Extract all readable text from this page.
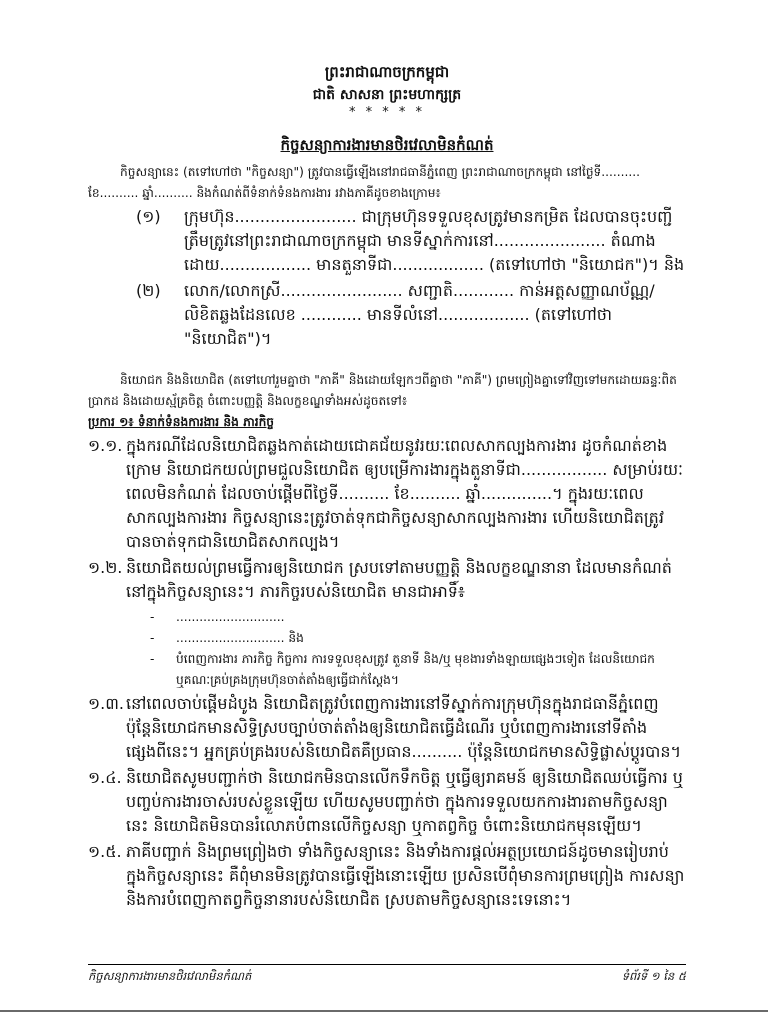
ព្រះរាជាណាចក្រកម្ពុជា
ជាតិ សាសនា ព្រះមហាក្សត្រ
* * * * *
កិច្ចសន្យាការងារមានថិរវេលាមិនកំណត់

កិច្ចសន្យានេះ (តទៅហៅថា "កិច្ចសន្យា") ត្រូវបានធ្វើឡើងនៅរាជធានីភ្នំពេញ ព្រះរាជាណាចក្រកម្ពុជា នៅថ្ងៃទី.......... ខែ.......... ឆ្នាំ.......... និងកំណត់ពីទំនាក់ទំនងការងារ រវាងភាគីដូចខាងក្រោម៖

(១)	ក្រុមហ៊ុន........................ ជាក្រុមហ៊ុនទទួលខុសត្រូវមានកម្រិត ដែលបានចុះបញ្ជីត្រឹមត្រូវនៅព្រះរាជាណាចក្រកម្ពុជា មានទីស្នាក់ការនៅ...................... តំណាងដោយ.................. មានតួនាទីជា.................. (តទៅហៅថា "និយោជក")។ និង
(២)	លោក/លោកស្រី........................ សញ្ជាតិ............ កាន់អត្តសញ្ញាណប័ណ្ណ/លិខិតឆ្លងដែនលេខ ............ មានទីលំនៅ.................. (តទៅហៅថា "និយោជិត")។

និយោជក និងនិយោជិត (តទៅហៅរួមគ្នាថា "ភាគី" និងដោយឡែកៗពីគ្នាថា "ភាគី") ព្រមព្រៀងគ្នាទៅវិញទៅមកដោយឆន្ទៈពិតប្រាកដ និងដោយស្ម័គ្រចិត្ត ចំពោះបញ្ញត្តិ និងលក្ខខណ្ឌទាំងអស់ដូចតទៅ៖

ប្រការ ១៖ ទំនាក់ទំនងការងារ និង ភារកិច្ច
១.១. ក្នុងករណីដែលនិយោជិតឆ្លងកាត់ដោយជោគជ័យនូវរយៈពេលសាកល្បងការងារ ដូចកំណត់ខាងក្រោម និយោជកយល់ព្រមជួលនិយោជិត ឲ្យបម្រើការងារក្នុងតួនាទីជា................. សម្រាប់រយៈពេលមិនកំណត់ ដែលចាប់ផ្តើមពីថ្ងៃទី.......... ខែ.......... ឆ្នាំ..............។ ក្នុងរយៈពេលសាកល្បងការងារ កិច្ចសន្យានេះត្រូវចាត់ទុកជាកិច្ចសន្យាសាកល្បងការងារ ហើយនិយោជិតត្រូវបានចាត់ទុកជានិយោជិតសាកល្បង។
១.២. និយោជិតយល់ព្រមធ្វើការឲ្យនិយោជក ស្របទៅតាមបញ្ញត្តិ និងលក្ខខណ្ឌនានា ដែលមានកំណត់នៅក្នុងកិច្ចសន្យានេះ។ ភារកិច្ចរបស់និយោជិត មានជាអាទិ៍៖
-	............................
-	............................ និង
-	បំពេញការងារ ភារកិច្ច កិច្ចការ ការទទួលខុសត្រូវ តួនាទី និង/ឬ មុខងារទាំងឡាយផ្សេងៗទៀត ដែលនិយោជក ឬគណៈគ្រប់គ្រងក្រុមហ៊ុនចាត់តាំងឲ្យធ្វើជាក់ស្តែង។
១.៣. នៅពេលចាប់ផ្តើមដំបូង និយោជិតត្រូវបំពេញការងារនៅទីស្នាក់ការក្រុមហ៊ុនក្នុងរាជធានីភ្នំពេញ ប៉ុន្តែនិយោជកមានសិទ្ធិស្របច្បាប់ចាត់តាំងឲ្យនិយោជិតធ្វើដំណើរ ឬបំពេញការងារនៅទីតាំងផ្សេងពីនេះ។ អ្នកគ្រប់គ្រងរបស់និយោជិតគឺប្រធាន.......... ប៉ុន្តែនិយោជកមានសិទ្ធិផ្លាស់ប្តូរបាន។
១.៤. និយោជិតសូមបញ្ជាក់ថា និយោជកមិនបានលើកទឹកចិត្ត ឬធ្វើឲ្យរាគមន៍ ឲ្យនិយោជិតឈប់ធ្វើការ ឬបញ្ចប់ការងារចាស់របស់ខ្លួនឡើយ ហើយសូមបញ្ជាក់ថា ក្នុងការទទួលយកការងារតាមកិច្ចសន្យានេះ និយោជិតមិនបានរំលោភបំពានលើកិច្ចសន្យា ឬកាតព្វកិច្ច ចំពោះនិយោជកមុនឡើយ។
១.៥. ភាគីបញ្ជាក់ និងព្រមព្រៀងថា ទាំងកិច្ចសន្យានេះ និងទាំងការផ្តល់អត្ថប្រយោជន៍ដូចមានរៀបរាប់ក្នុងកិច្ចសន្យានេះ គឺពុំមានមិនត្រូវបានធ្វើឡើងនោះឡើយ ប្រសិនបើពុំមានការព្រមព្រៀង ការសន្យា និងការបំពេញកាតព្វកិច្ចនានារបស់និយោជិត ស្របតាមកិច្ចសន្យានេះទេនោះ។
កិច្ចសន្យាការងារមានថិរវេលាមិនកំណត់	ទំព័រទី ១ នៃ ៥
